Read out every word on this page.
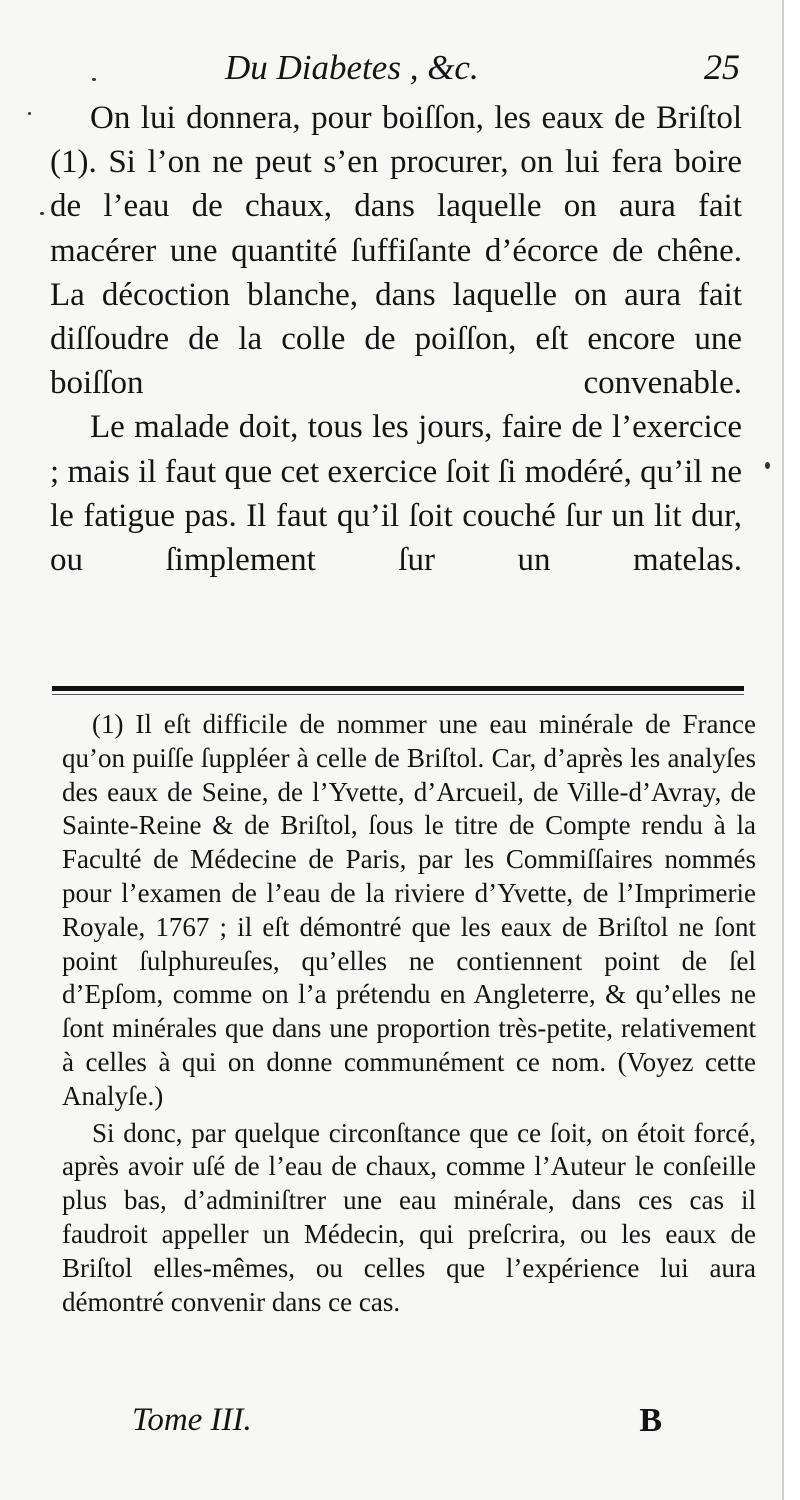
Du Diabetes , &c.	25

On lui donnera, pour boiſſon, les eaux de Briſtol (1). Si l’on ne peut s’en procurer, on lui fera boire de l’eau de chaux, dans laquelle on aura fait macérer une quantité ſuffiſante d’écorce de chêne. La décoction blanche, dans laquelle on aura fait diſſoudre de la colle de poiſſon, eſt encore une boiſſon convenable.

Le malade doit, tous les jours, faire de l’exercice ; mais il faut que cet exercice ſoit ſi modéré, qu’il ne le fatigue pas. Il faut qu’il ſoit couché ſur un lit dur, ou ſimplement ſur un matelas.

(1) Il eſt difficile de nommer une eau minérale de France qu’on puiſſe ſuppléer à celle de Briſtol. Car, d’après les analyſes des eaux de Seine, de l’Yvette, d’Arcueil, de Ville-d’Avray, de Sainte-Reine & de Briſtol, ſous le titre de Compte rendu à la Faculté de Médecine de Paris, par les Commiſſaires nommés pour l’examen de l’eau de la riviere d’Yvette, de l’Imprimerie Royale, 1767 ; il eſt démontré que les eaux de Briſtol ne ſont point ſulphureuſes, qu’elles ne contiennent point de ſel d’Epſom, comme on l’a prétendu en Angleterre, & qu’elles ne ſont minérales que dans une proportion très-petite, relativement à celles à qui on donne communément ce nom. (Voyez cette Analyſe.)

Si donc, par quelque circonſtance que ce ſoit, on étoit forcé, après avoir uſé de l’eau de chaux, comme l’Auteur le conſeille plus bas, d’adminiſtrer une eau minérale, dans ces cas il faudroit appeller un Médecin, qui preſcrira, ou les eaux de Briſtol elles-mêmes, ou celles que l’expérience lui aura démontré convenir dans ce cas.

Tome III.	B
